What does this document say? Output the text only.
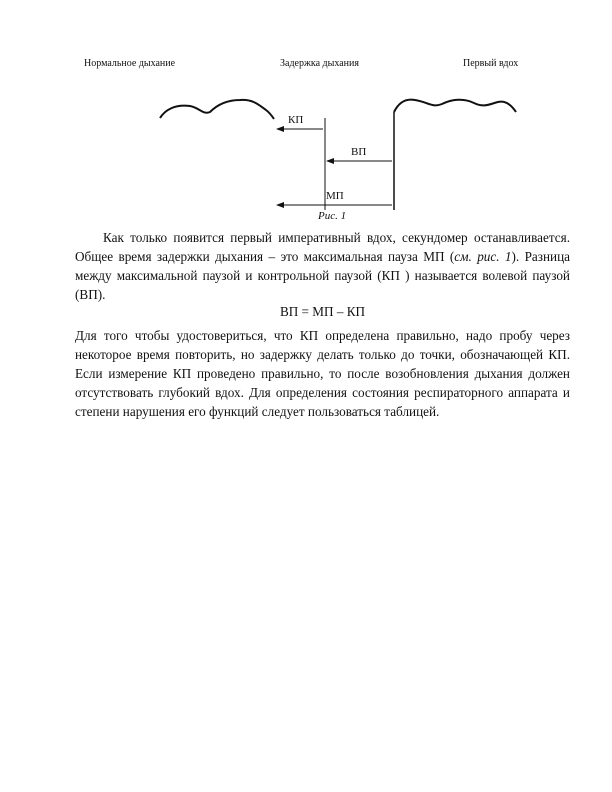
Нормальное дыхание	Задержка дыхания	Первый вдох
КП
ВП
МП
Рис. 1
Как только появится первый императивный вдох, секундомер останавливается. Общее время задержки дыхания – это максимальная пауза МП (см. рис. 1). Разница между максимальной паузой и контрольной паузой (КП ) называется волевой паузой (ВП).
ВП = МП – КП
Для того чтобы удостовериться, что КП определена правильно, надо пробу через некоторое время повторить, но задержку делать только до точки, обозначающей КП. Если измерение КП проведено правильно, то после возобновления дыхания должен отсутствовать глубокий вдох. Для определения состояния респираторного аппарата и степени нарушения его функций следует пользоваться таблицей.
